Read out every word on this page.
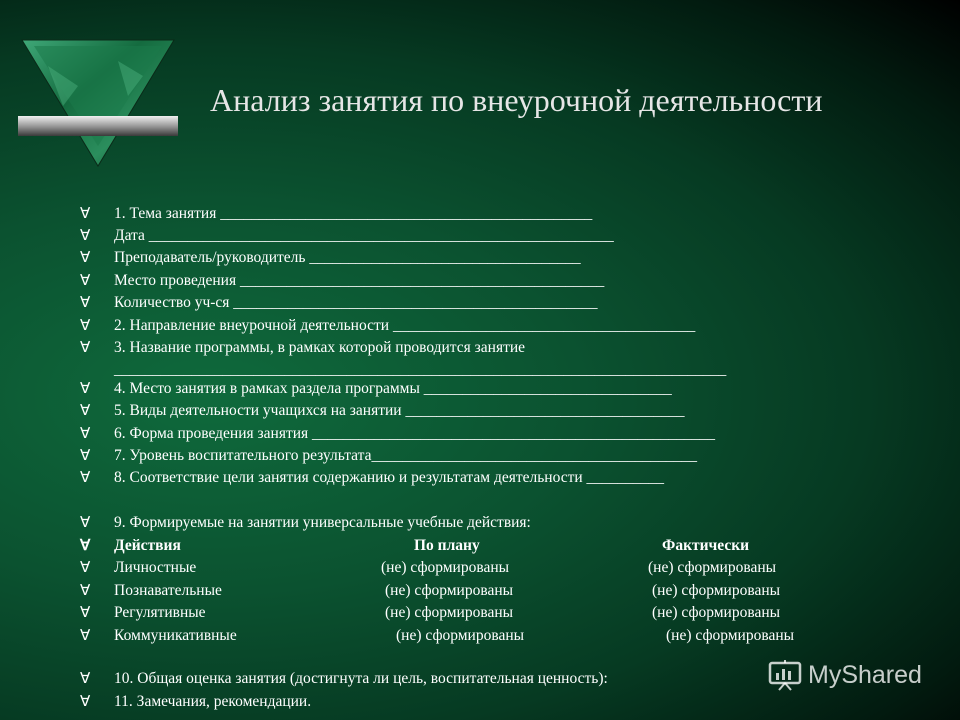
Анализ занятия по внеурочной деятельности
∀	1. Тема занятия ________________________________________________
∀	Дата ____________________________________________________________
∀	Преподаватель/руководитель ___________________________________
∀	Место проведения _______________________________________________
∀	Количество уч-ся _______________________________________________
∀	2. Направление внеурочной деятельности _______________________________________
∀	3. Название программы, в рамках которой проводится занятие
_______________________________________________________________________________
∀	4. Место занятия в рамках раздела программы ________________________________
∀	5. Виды деятельности учащихся на занятии ____________________________________
∀	6. Форма проведения занятия ____________________________________________________
∀	7. Уровень воспитательного результата__________________________________________
∀	8. Соответствие цели занятия содержанию и результатам деятельности __________
∀	9. Формируемые на занятии универсальные учебные действия:
∀	Действия	По плану	Фактически
∀	Личностные	(не) сформированы	(не) сформированы
∀	Познавательные	(не) сформированы	(не) сформированы
∀	Регулятивные	(не) сформированы	(не) сформированы
∀	Коммуникативные	(не) сформированы	(не) сформированы
∀	10. Общая оценка занятия (достигнута ли цель, воспитательная ценность):
∀	11. Замечания, рекомендации.
MyShared
